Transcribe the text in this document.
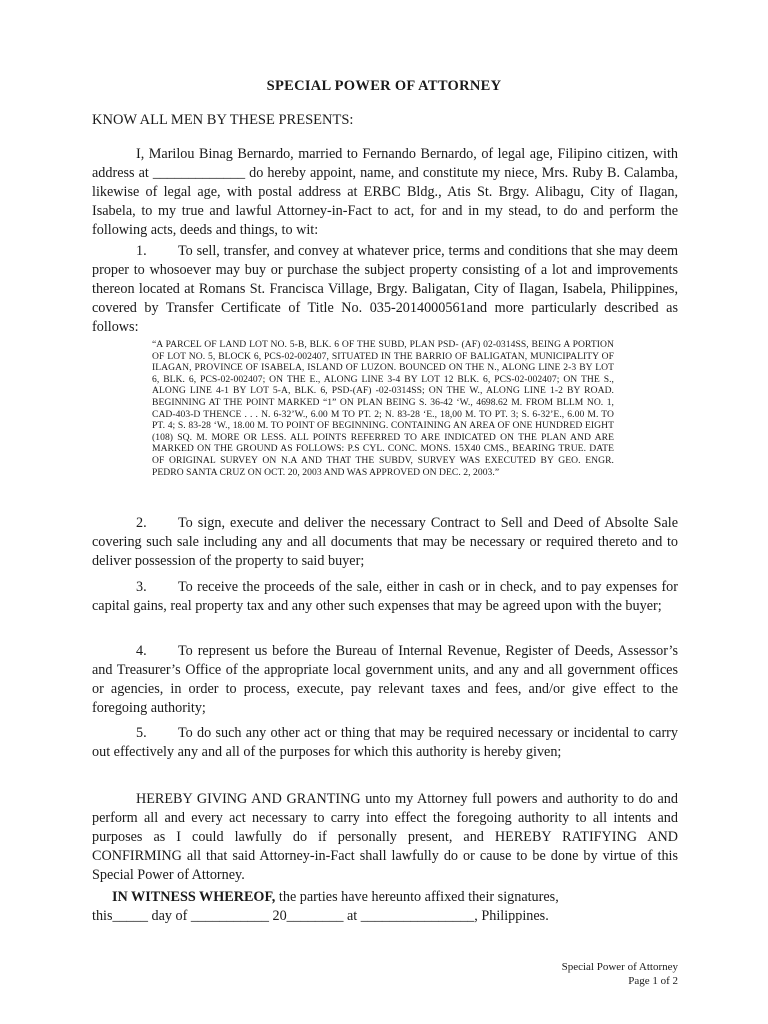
SPECIAL POWER OF ATTORNEY
KNOW ALL MEN BY THESE PRESENTS:

I, Marilou Binag Bernardo, married to Fernando Bernardo, of legal age, Filipino citizen, with address at _____________ do hereby appoint, name, and constitute my niece, Mrs. Ruby B. Calamba, likewise of legal age, with postal address at ERBC Bldg., Atis St. Brgy. Alibagu, City of Ilagan, Isabela, to my true and lawful Attorney-in-Fact to act, for and in my stead, to do and perform the following acts, deeds and things, to wit:

1. To sell, transfer, and convey at whatever price, terms and conditions that she may deem proper to whosoever may buy or purchase the subject property consisting of a lot and improvements thereon located at Romans St. Francisca Village, Brgy. Baligatan, City of Ilagan, Isabela, Philippines, covered by Transfer Certificate of Title No. 035-2014000561and more particularly described as follows:

“A PARCEL OF LAND LOT NO. 5-B, BLK. 6 OF THE SUBD, PLAN PSD- (AF) 02-0314SS, BEING A PORTION OF LOT NO. 5, BLOCK 6, PCS-02-002407, SITUATED IN THE BARRIO OF BALIGATAN, MUNICIPALITY OF ILAGAN, PROVINCE OF ISABELA, ISLAND OF LUZON. BOUNCED ON THE N., ALONG LINE 2-3 BY LOT 6, BLK. 6, PCS-02-002407; ON THE E., ALONG LINE 3-4 BY LOT 12 BLK. 6, PCS-02-002407; ON THE S., ALONG LINE 4-1 BY LOT 5-A, BLK. 6, PSD-(AF) -02-0314SS; ON THE W., ALONG LINE 1-2 BY ROAD. BEGINNING AT THE POINT MARKED “1” ON PLAN BEING S. 36-42 ‘W., 4698.62 M. FROM BLLM NO. 1, CAD-403-D THENCE . . . N. 6-32’W., 6.00 M TO PT. 2; N. 83-28 ‘E., 18,00 M. TO PT. 3; S. 6-32’E., 6.00 M. TO PT. 4; S. 83-28 ‘W., 18.00 M. TO POINT OF BEGINNING. CONTAINING AN AREA OF ONE HUNDRED EIGHT (108) SQ. M. MORE OR LESS. ALL POINTS REFERRED TO ARE INDICATED ON THE PLAN AND ARE MARKED ON THE GROUND AS FOLLOWS: P.S CYL. CONC. MONS. 15X40 CMS., BEARING TRUE. DATE OF ORIGINAL SURVEY ON N.A AND THAT THE SUBDV, SURVEY WAS EXECUTED BY GEO. ENGR. PEDRO SANTA CRUZ ON OCT. 20, 2003 AND WAS APPROVED ON DEC. 2, 2003.”

2. To sign, execute and deliver the necessary Contract to Sell and Deed of Absolte Sale covering such sale including any and all documents that may be necessary or required thereto and to deliver possession of the property to said buyer;

3. To receive the proceeds of the sale, either in cash or in check, and to pay expenses for capital gains, real property tax and any other such expenses that may be agreed upon with the buyer;

4. To represent us before the Bureau of Internal Revenue, Register of Deeds, Assessor’s and Treasurer’s Office of the appropriate local government units, and any and all government offices or agencies, in order to process, execute, pay relevant taxes and fees, and/or give effect to the foregoing authority;

5. To do such any other act or thing that may be required necessary or incidental to carry out effectively any and all of the purposes for which this authority is hereby given;

HEREBY GIVING AND GRANTING unto my Attorney full powers and authority to do and perform all and every act necessary to carry into effect the foregoing authority to all intents and purposes as I could lawfully do if personally present, and HEREBY RATIFYING AND CONFIRMING all that said Attorney-in-Fact shall lawfully do or cause to be done by virtue of this Special Power of Attorney.

IN WITNESS WHEREOF, the parties have hereunto affixed their signatures,
this_____ day of ___________ 20________ at ________________, Philippines.
Special Power of Attorney
Page 1 of 2
